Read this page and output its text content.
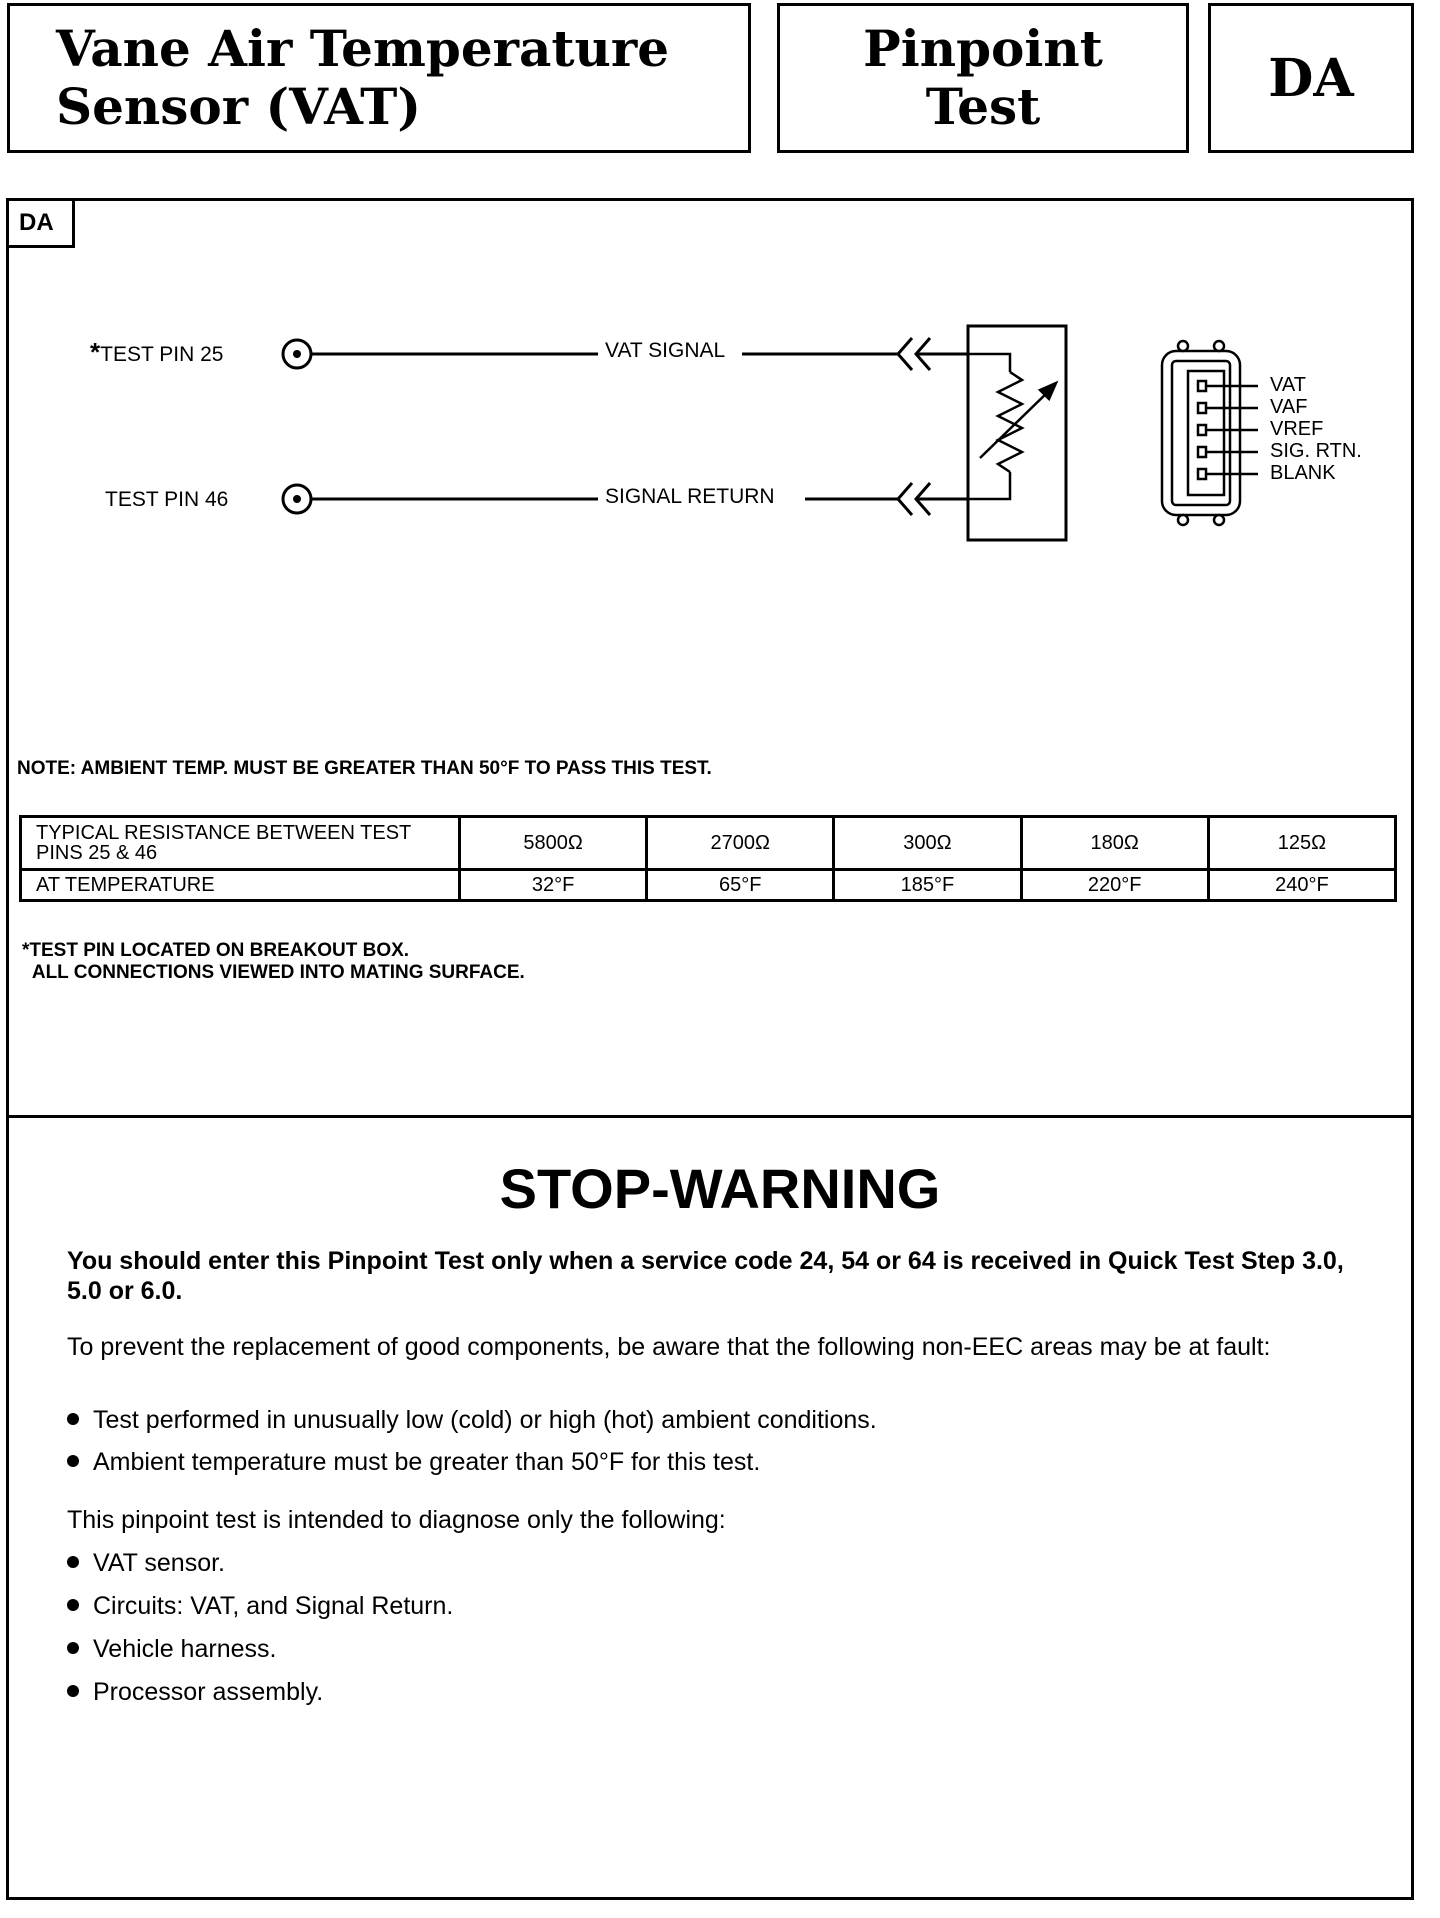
Vane Air Temperature
Sensor (VAT)
Pinpoint
Test	DA
DA
*TEST PIN 25
TEST PIN 46
VAT SIGNAL
SIGNAL RETURN
VAT
VAF
VREF
SIG. RTN.
BLANK
NOTE: AMBIENT TEMP. MUST BE GREATER THAN 50°F TO PASS THIS TEST.
TYPICAL RESISTANCE BETWEEN TEST PINS 25 & 46	5800Ω	2700Ω	300Ω	180Ω	125Ω
AT TEMPERATURE	32°F	65°F	185°F	220°F	240°F
*TEST PIN LOCATED ON BREAKOUT BOX.
ALL CONNECTIONS VIEWED INTO MATING SURFACE.
STOP-WARNING
You should enter this Pinpoint Test only when a service code 24, 54 or 64 is received in Quick Test Step 3.0, 5.0 or 6.0.
To prevent the replacement of good components, be aware that the following non-EEC areas may be at fault:
Test performed in unusually low (cold) or high (hot) ambient conditions.
Ambient temperature must be greater than 50°F for this test.
This pinpoint test is intended to diagnose only the following:
VAT sensor.
Circuits: VAT, and Signal Return.
Vehicle harness.
Processor assembly.
